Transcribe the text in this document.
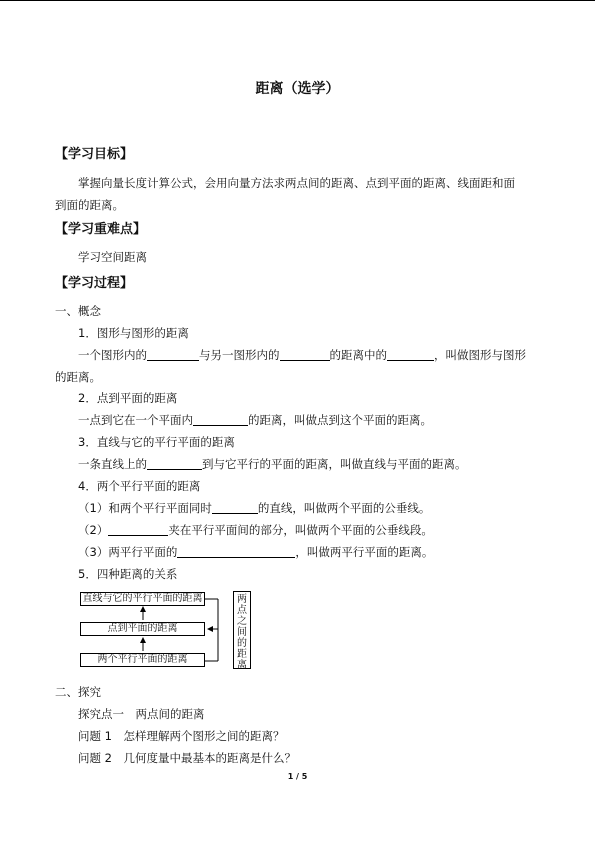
距离（选学）
【学习目标】
掌握向量长度计算公式，会用向量方法求两点间的距离、点到平面的距离、线面距和面
到面的距离。
【学习重难点】
学习空间距离
【学习过程】
一、概念
1．图形与图形的距离
一个图形内的	与另一图形内的	的距离中的	，叫做图形与图形
的距离。
2．点到平面的距离
一点到它在一个平面内	的距离，叫做点到这个平面的距离。
3．直线与它的平行平面的距离
一条直线上的	到与它平行的平面的距离，叫做直线与平面的距离。
4．两个平行平面的距离
（1）和两个平行平面同时	的直线，叫做两个平面的公垂线。
（2）	夹在平行平面间的部分，叫做两个平面的公垂线段。
（3）两平行平面的	，叫做两平行平面的距离。
5．四种距离的关系
直线与它的平行平面的距离
点到平面的距离
两个平行平面的距离
两
点
之
间
的
距
离
二、探究
探究点一　两点间的距离
问题 1　怎样理解两个图形之间的距离？
问题 2　几何度量中最基本的距离是什么？
1 / 5
